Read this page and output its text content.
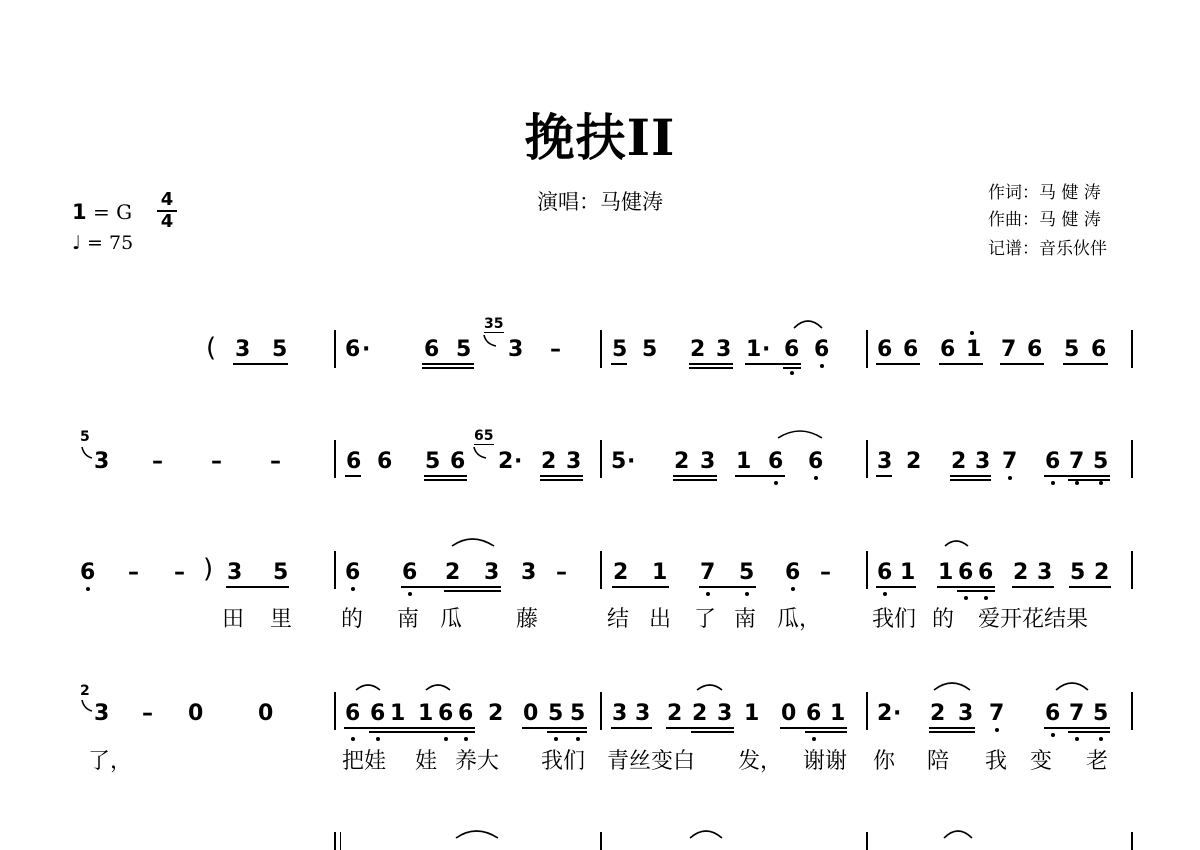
挽扶II
演唱：马健涛	作词：马 健 涛
作曲：马 健 涛
记谱：音乐伙伴
1 = G
4
4
♩ = 75
( 3 5	6 · 6 5
35
3 – 5 5 2 3 1 · 6 6 6 6 6 1 7 6 5 6
5
3 – – –	6 6 5 6
65
2 · 2 3 5 · 2 3 1 6 6 3 2 2 3 7 6 7 5
6 – – ) 3 5	6 6 2 3 3 – 2 1 7 5 6 – 6 1 1 6 6 2 3 5 2
田 里 的 南 瓜 藤	结 出 了 南 瓜， 我们 的 爱开花结果
2
3 – 0 0	6 6 1 1 6 6 2 0 5 5 3 3 2 2 3 1 0 6 1 2 · 2 3 7 6 7 5
了，	把娃 娃 养大 我们 青丝变白 发， 谢谢 你 陪 我 变 老
